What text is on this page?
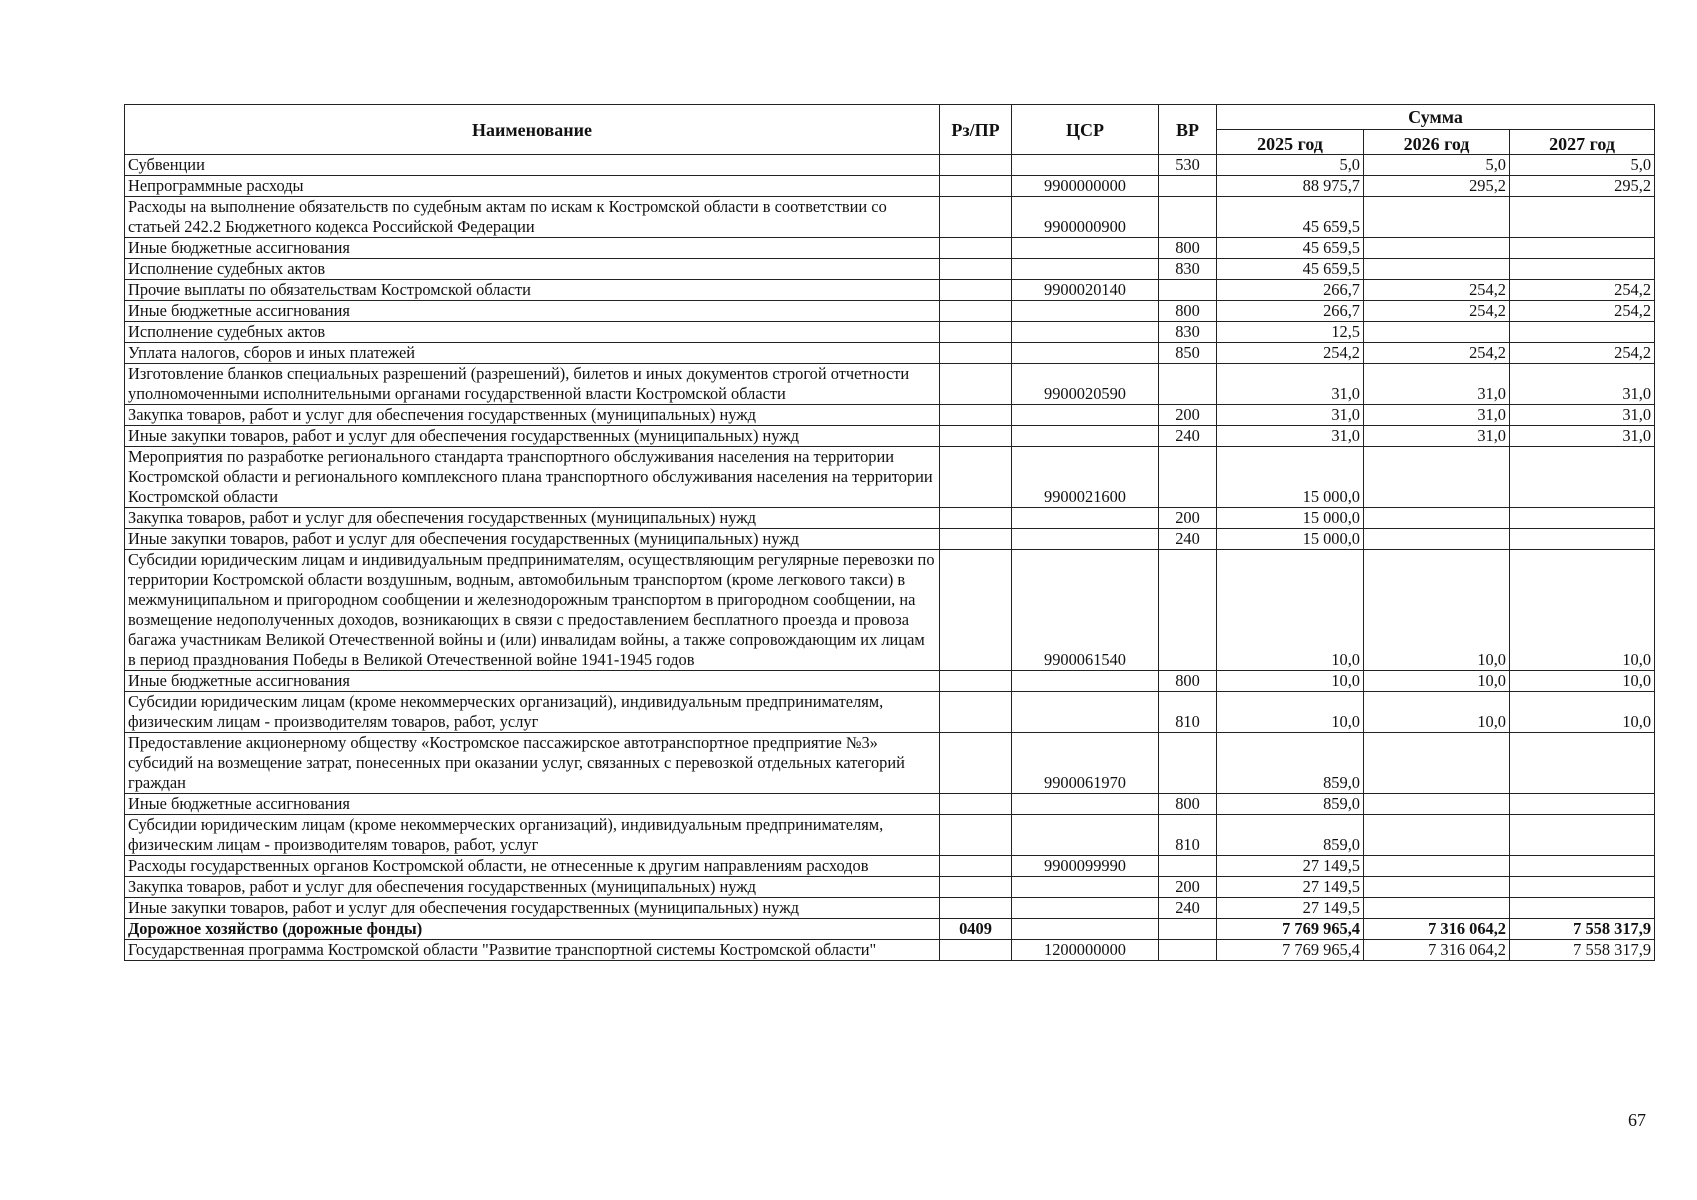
Наименование	Рз/ПР	ЦСР	ВР	Сумма		
				2025 год	2026 год	2027 год
Субвенции			530	5,0	5,0	5,0
Непрограммные расходы		9900000000		88 975,7	295,2	295,2
Расходы на выполнение обязательств по судебным актам по искам к Костромской области в соответствии со статьей 242.2 Бюджетного кодекса Российской Федерации		9900000900		45 659,5		
Иные бюджетные ассигнования			800	45 659,5		
Исполнение судебных актов			830	45 659,5		
Прочие выплаты по обязательствам Костромской области		9900020140		266,7	254,2	254,2
Иные бюджетные ассигнования			800	266,7	254,2	254,2
Исполнение судебных актов			830	12,5		
Уплата налогов, сборов и иных платежей			850	254,2	254,2	254,2
Изготовление бланков специальных разрешений (разрешений), билетов и иных документов строгой отчетности уполномоченными исполнительными органами государственной власти Костромской области		9900020590		31,0	31,0	31,0
Закупка товаров, работ и услуг для обеспечения государственных (муниципальных) нужд			200	31,0	31,0	31,0
Иные закупки товаров, работ и услуг для обеспечения государственных (муниципальных) нужд			240	31,0	31,0	31,0
Мероприятия по разработке регионального стандарта транспортного обслуживания населения на территории Костромской области и регионального комплексного плана транспортного обслуживания населения на территории Костромской области		9900021600		15 000,0		
Закупка товаров, работ и услуг для обеспечения государственных (муниципальных) нужд			200	15 000,0		
Иные закупки товаров, работ и услуг для обеспечения государственных (муниципальных) нужд			240	15 000,0		
Субсидии юридическим лицам и индивидуальным предпринимателям, осуществляющим регулярные перевозки по территории Костромской области воздушным, водным, автомобильным транспортом (кроме легкового такси) в межмуниципальном и пригородном сообщении и железнодорожным транспортом в пригородном сообщении, на возмещение недополученных доходов, возникающих в связи с предоставлением бесплатного проезда и провоза багажа участникам Великой Отечественной войны и (или) инвалидам войны, а также сопровождающим их лицам в период празднования Победы в Великой Отечественной войне 1941-1945 годов		9900061540		10,0	10,0	10,0
Иные бюджетные ассигнования			800	10,0	10,0	10,0
Субсидии юридическим лицам (кроме некоммерческих организаций), индивидуальным предпринимателям, физическим лицам - производителям товаров, работ, услуг			810	10,0	10,0	10,0
Предоставление акционерному обществу «Костромское пассажирское автотранспортное предприятие №3» субсидий на возмещение затрат, понесенных при оказании услуг, связанных с перевозкой отдельных категорий граждан		9900061970		859,0		
Иные бюджетные ассигнования			800	859,0		
Субсидии юридическим лицам (кроме некоммерческих организаций), индивидуальным предпринимателям, физическим лицам - производителям товаров, работ, услуг			810	859,0		
Расходы государственных органов Костромской области, не отнесенные к другим направлениям расходов		9900099990		27 149,5		
Закупка товаров, работ и услуг для обеспечения государственных (муниципальных) нужд			200	27 149,5		
Иные закупки товаров, работ и услуг для обеспечения государственных (муниципальных) нужд			240	27 149,5		
Дорожное хозяйство (дорожные фонды)	0409			7 769 965,4	7 316 064,2	7 558 317,9
Государственная программа Костромской области "Развитие транспортной системы Костромской области"		1200000000		7 769 965,4	7 316 064,2	7 558 317,9
67
